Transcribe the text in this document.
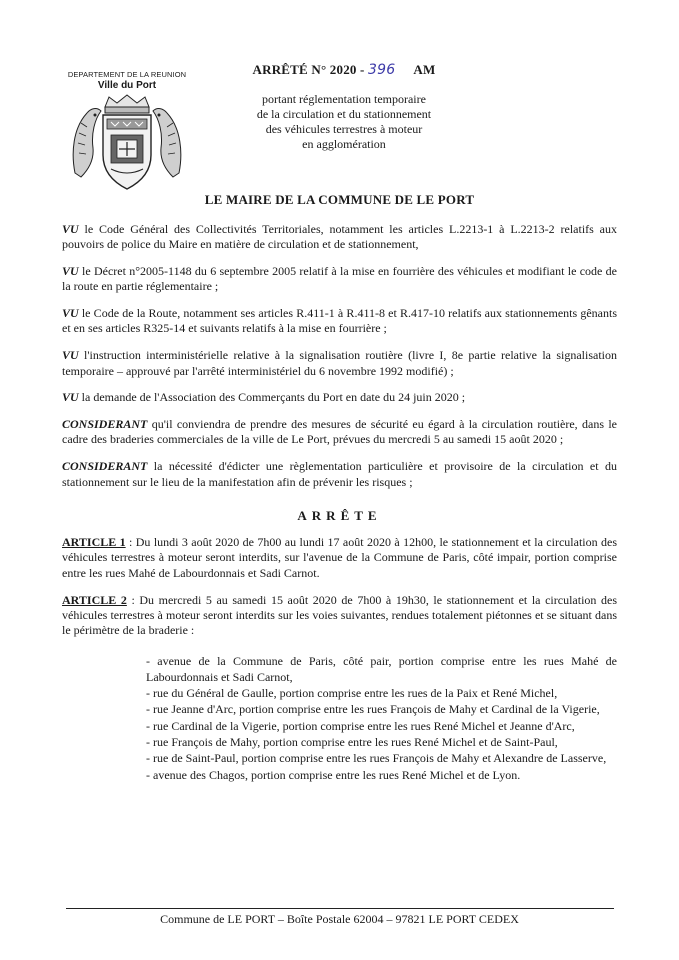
DEPARTEMENT DE LA REUNION
Ville du Port
ARRÊTÉ N° 2020 - 396 AM
portant réglementation temporaire
de la circulation et du stationnement
des véhicules terrestres à moteur
en agglomération
LE MAIRE DE LA COMMUNE DE LE PORT

VU le Code Général des Collectivités Territoriales, notamment les articles L.2213-1 à L.2213-2 relatifs aux pouvoirs de police du Maire en matière de circulation et de stationnement,

VU le Décret n°2005-1148 du 6 septembre 2005 relatif à la mise en fourrière des véhicules et modifiant le code de la route en partie réglementaire ;

VU le Code de la Route, notamment ses articles R.411-1 à R.411-8 et R.417-10 relatifs aux stationnements gênants et en ses articles R325-14 et suivants relatifs à la mise en fourrière ;

VU l'instruction interministérielle relative à la signalisation routière (livre I, 8e partie relative la signalisation temporaire – approuvé par l'arrêté interministériel du 6 novembre 1992 modifié) ;

VU la demande de l'Association des Commerçants du Port en date du 24 juin 2020 ;

CONSIDERANT qu'il conviendra de prendre des mesures de sécurité eu égard à la circulation routière, dans le cadre des braderies commerciales de la ville de Le Port, prévues du mercredi 5 au samedi 15 août 2020 ;

CONSIDERANT la nécessité d'édicter une règlementation particulière et provisoire de la circulation et du stationnement sur le lieu de la manifestation afin de prévenir les risques ;

ARRÊTE

ARTICLE 1 : Du lundi 3 août 2020 de 7h00 au lundi 17 août 2020 à 12h00, le stationnement et la circulation des véhicules terrestres à moteur seront interdits, sur l'avenue de la Commune de Paris, côté impair, portion comprise entre les rues Mahé de Labourdonnais et Sadi Carnot.

ARTICLE 2 : Du mercredi 5 au samedi 15 août 2020 de 7h00 à 19h30, le stationnement et la circulation des véhicules terrestres à moteur seront interdits sur les voies suivantes, rendues totalement piétonnes et se situant dans le périmètre de la braderie :

- avenue de la Commune de Paris, côté pair, portion comprise entre les rues Mahé de Labourdonnais et Sadi Carnot,
- rue du Général de Gaulle, portion comprise entre les rues de la Paix et René Michel,
- rue Jeanne d'Arc, portion comprise entre les rues François de Mahy et Cardinal de la Vigerie,
- rue Cardinal de la Vigerie, portion comprise entre les rues René Michel et Jeanne d'Arc,
- rue François de Mahy, portion comprise entre les rues René Michel et de Saint-Paul,
- rue de Saint-Paul, portion comprise entre les rues François de Mahy et Alexandre de Lasserve,
- avenue des Chagos, portion comprise entre les rues René Michel et de Lyon.
Commune de LE PORT – Boîte Postale 62004 – 97821 LE PORT CEDEX
